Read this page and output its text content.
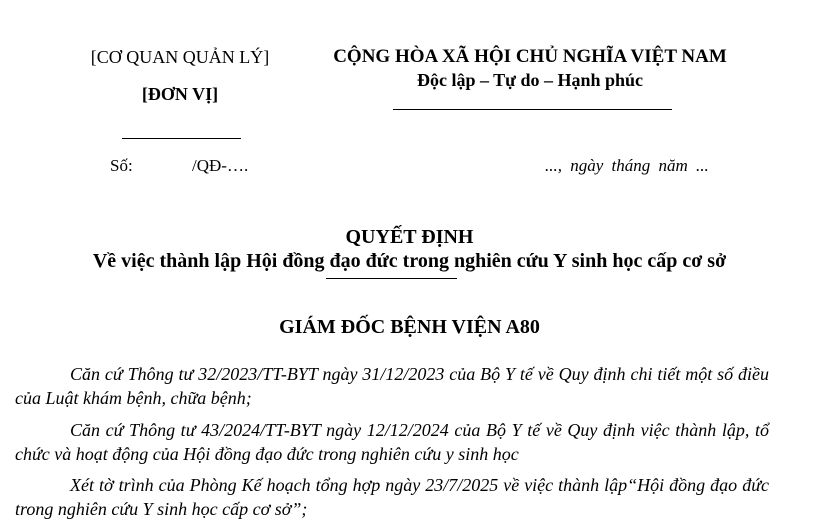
[CƠ QUAN QUẢN LÝ]
[ĐƠN VỊ]
CỘNG HÒA XÃ HỘI CHỦ NGHĨA VIỆT NAM
Độc lập – Tự do – Hạnh phúc
Số:	/QĐ-….	..., ngày tháng năm ...
QUYẾT ĐỊNH
Về việc thành lập Hội đồng đạo đức trong nghiên cứu Y sinh học cấp cơ sở
GIÁM ĐỐC BỆNH VIỆN A80

Căn cứ Thông tư 32/2023/TT-BYT ngày 31/12/2023 của Bộ Y tế về Quy định chi tiết một số điều của Luật khám bệnh, chữa bệnh;

Căn cứ Thông tư 43/2024/TT-BYT ngày 12/12/2024 của Bộ Y tế về Quy định việc thành lập, tổ chức và hoạt động của Hội đồng đạo đức trong nghiên cứu y sinh học

Xét tờ trình của Phòng Kế hoạch tổng hợp ngày 23/7/2025 về việc thành lập“Hội đồng đạo đức trong nghiên cứu Y sinh học cấp cơ sở”;
